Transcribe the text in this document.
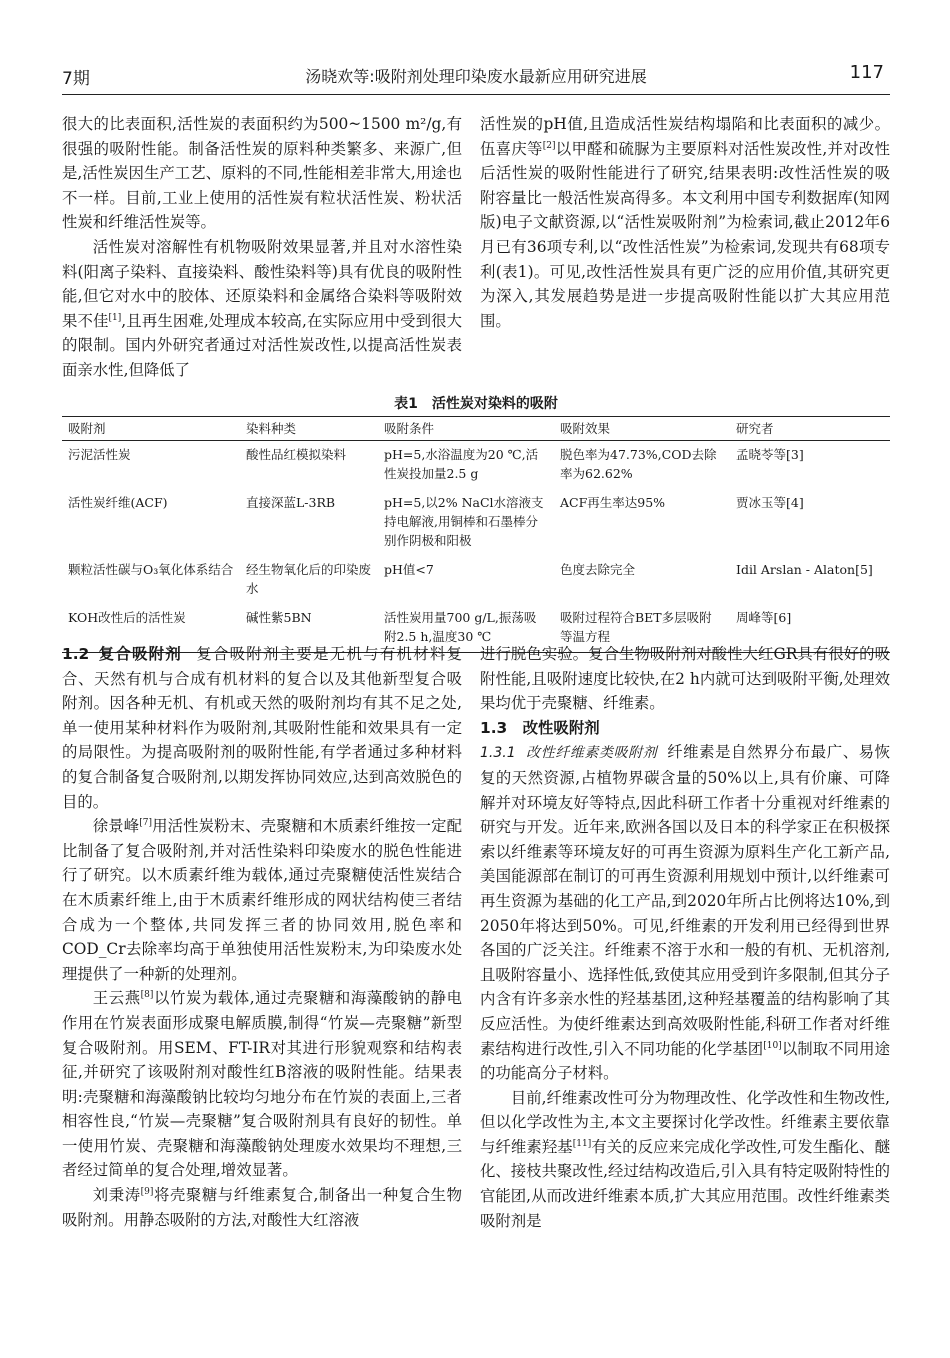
7期	汤晓欢等:吸附剂处理印染废水最新应用研究进展	117

很大的比表面积,活性炭的表面积约为500~1500 m²/g,有很强的吸附性能。制备活性炭的原料种类繁多、来源广,但是,活性炭因生产工艺、原料的不同,性能相差非常大,用途也不一样。目前,工业上使用的活性炭有粒状活性炭、粉状活性炭和纤维活性炭等。

活性炭对溶解性有机物吸附效果显著,并且对水溶性染料(阳离子染料、直接染料、酸性染料等)具有优良的吸附性能,但它对水中的胶体、还原染料和金属络合染料等吸附效果不佳[1],且再生困难,处理成本较高,在实际应用中受到很大的限制。国内外研究者通过对活性炭改性,以提高活性炭表面亲水性,但降低了

活性炭的pH值,且造成活性炭结构塌陷和比表面积的减少。伍喜庆等[2]以甲醛和硫脲为主要原料对活性炭改性,并对改性后活性炭的吸附性能进行了研究,结果表明:改性活性炭的吸附容量比一般活性炭高得多。本文利用中国专利数据库(知网版)电子文献资源,以“活性炭吸附剂”为检索词,截止2012年6月已有36项专利,以“改性活性炭”为检索词,发现共有68项专利(表1)。可见,改性活性炭具有更广泛的应用价值,其研究更为深入,其发展趋势是进一步提高吸附性能以扩大其应用范围。

表1　活性炭对染料的吸附
吸附剂	染料种类	吸附条件	吸附效果	研究者
污泥活性炭	酸性品红模拟染料	pH=5,水浴温度为20 ℃,活性炭投加量2.5 g	脱色率为47.73%,COD去除率为62.62%	孟晓苓等[3]
活性炭纤维(ACF)	直接深蓝L-3RB	pH=5,以2% NaCl水溶液支持电解液,用铜棒和石墨棒分别作阴极和阳极	ACF再生率达95%	贾冰玉等[4]
颗粒活性碳与O₃氧化体系结合	经生物氧化后的印染废水	pH值<7	色度去除完全	Idil Arslan - Alaton[5]
KOH改性后的活性炭	碱性紫5BN	活性炭用量700 g/L,振荡吸附2.5 h,温度30 ℃	吸附过程符合BET多层吸附等温方程	周峰等[6]

1.2 复合吸附剂 复合吸附剂主要是无机与有机材料复合、天然有机与合成有机材料的复合以及其他新型复合吸附剂。因各种无机、有机或天然的吸附剂均有其不足之处,单一使用某种材料作为吸附剂,其吸附性能和效果具有一定的局限性。为提高吸附剂的吸附性能,有学者通过多种材料的复合制备复合吸附剂,以期发挥协同效应,达到高效脱色的目的。

徐景峰[7]用活性炭粉末、壳聚糖和木质素纤维按一定配比制备了复合吸附剂,并对活性染料印染废水的脱色性能进行了研究。以木质素纤维为载体,通过壳聚糖使活性炭结合在木质素纤维上,由于木质素纤维形成的网状结构使三者结合成为一个整体,共同发挥三者的协同效用,脱色率和COD_Cr去除率均高于单独使用活性炭粉末,为印染废水处理提供了一种新的处理剂。

王云燕[8]以竹炭为载体,通过壳聚糖和海藻酸钠的静电作用在竹炭表面形成聚电解质膜,制得“竹炭—壳聚糖”新型复合吸附剂。用SEM、FT-IR对其进行形貌观察和结构表征,并研究了该吸附剂对酸性红B溶液的吸附性能。结果表明:壳聚糖和海藻酸钠比较均匀地分布在竹炭的表面上,三者相容性良,“竹炭—壳聚糖”复合吸附剂具有良好的韧性。单一使用竹炭、壳聚糖和海藻酸钠处理废水效果均不理想,三者经过简单的复合处理,增效显著。

刘秉涛[9]将壳聚糖与纤维素复合,制备出一种复合生物吸附剂。用静态吸附的方法,对酸性大红溶液

进行脱色实验。复合生物吸附剂对酸性大红GR具有很好的吸附性能,且吸附速度比较快,在2 h内就可达到吸附平衡,处理效果均优于壳聚糖、纤维素。

1.3　改性吸附剂

1.3.1 改性纤维素类吸附剂 纤维素是自然界分布最广、易恢复的天然资源,占植物界碳含量的50%以上,具有价廉、可降解并对环境友好等特点,因此科研工作者十分重视对纤维素的研究与开发。近年来,欧洲各国以及日本的科学家正在积极探索以纤维素等环境友好的可再生资源为原料生产化工新产品,美国能源部在制订的可再生资源利用规划中预计,以纤维素可再生资源为基础的化工产品,到2020年所占比例将达10%,到2050年将达到50%。可见,纤维素的开发利用已经得到世界各国的广泛关注。纤维素不溶于水和一般的有机、无机溶剂,且吸附容量小、选择性低,致使其应用受到许多限制,但其分子内含有许多亲水性的羟基基团,这种羟基覆盖的结构影响了其反应活性。为使纤维素达到高效吸附性能,科研工作者对纤维素结构进行改性,引入不同功能的化学基团[10]以制取不同用途的功能高分子材料。

目前,纤维素改性可分为物理改性、化学改性和生物改性,但以化学改性为主,本文主要探讨化学改性。纤维素主要依靠与纤维素羟基[11]有关的反应来完成化学改性,可发生酯化、醚化、接枝共聚改性,经过结构改造后,引入具有特定吸附特性的官能团,从而改进纤维素本质,扩大其应用范围。改性纤维素类吸附剂是
